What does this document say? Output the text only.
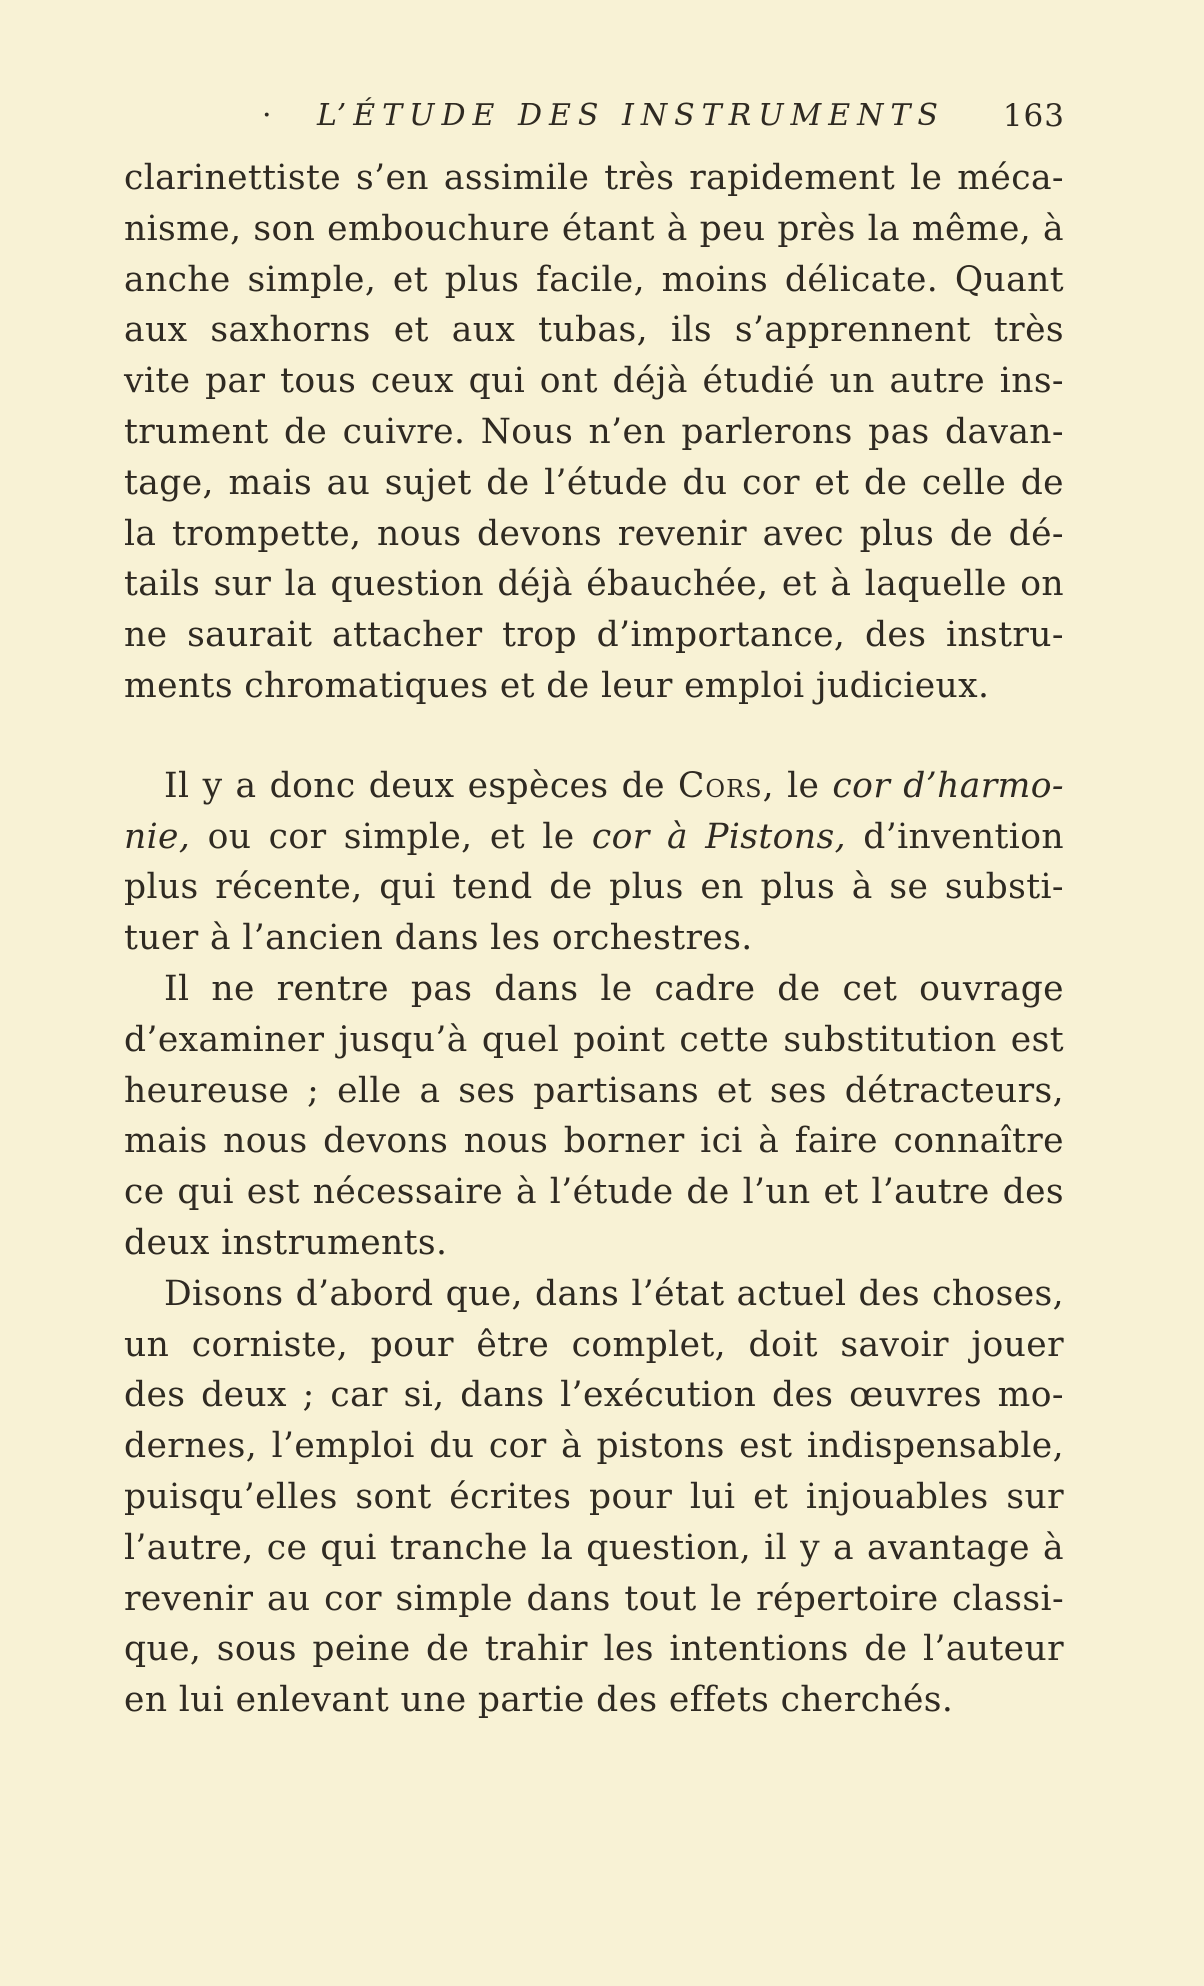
· L’ÉTUDE DES INSTRUMENTS 163
clarinettiste s’en assimile très rapidement le méca-
nisme, son embouchure étant à peu près la même, à
anche simple, et plus facile, moins délicate. Quant
aux saxhorns et aux tubas, ils s’apprennent très
vite par tous ceux qui ont déjà étudié un autre ins-
trument de cuivre. Nous n’en parlerons pas davan-
tage, mais au sujet de l’étude du cor et de celle de
la trompette, nous devons revenir avec plus de dé-
tails sur la question déjà ébauchée, et à laquelle on
ne saurait attacher trop d’importance, des instru-
ments chromatiques et de leur emploi judicieux.
Il y a donc deux espèces de Cors, le cor d’harmo-
nie, ou cor simple, et le cor à Pistons, d’invention
plus récente, qui tend de plus en plus à se substi-
tuer à l’ancien dans les orchestres.
Il ne rentre pas dans le cadre de cet ouvrage
d’examiner jusqu’à quel point cette substitution est
heureuse ; elle a ses partisans et ses détracteurs,
mais nous devons nous borner ici à faire connaître
ce qui est nécessaire à l’étude de l’un et l’autre des
deux instruments.
Disons d’abord que, dans l’état actuel des choses,
un corniste, pour être complet, doit savoir jouer
des deux ; car si, dans l’exécution des œuvres mo-
dernes, l’emploi du cor à pistons est indispensable,
puisqu’elles sont écrites pour lui et injouables sur
l’autre, ce qui tranche la question, il y a avantage à
revenir au cor simple dans tout le répertoire classi-
que, sous peine de trahir les intentions de l’auteur
en lui enlevant une partie des effets cherchés.
